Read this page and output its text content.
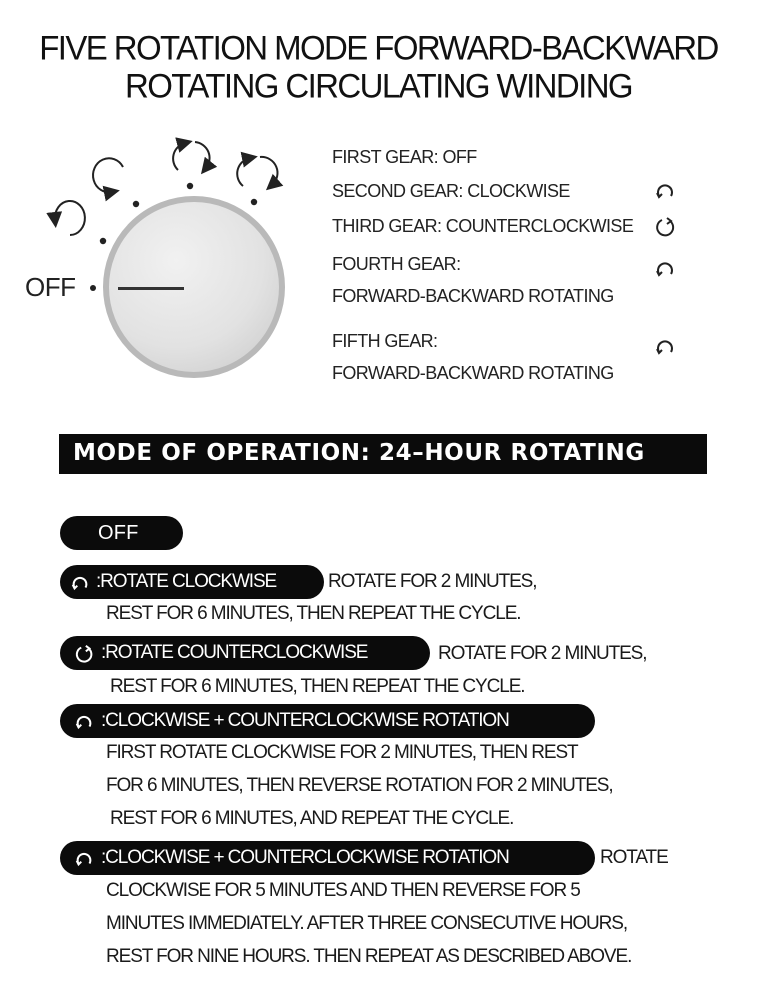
FIVE ROTATION MODE FORWARD-BACKWARD
ROTATING CIRCULATING WINDING
OFF
FIRST GEAR: OFF
SECOND GEAR: CLOCKWISE
THIRD GEAR: COUNTERCLOCKWISE
FOURTH GEAR:
FORWARD-BACKWARD ROTATING
FIFTH GEAR:
FORWARD-BACKWARD ROTATING
MODE OF OPERATION: 24–HOUR ROTATING
OFF
:ROTATE CLOCKWISE	ROTATE FOR 2 MINUTES,
REST FOR 6 MINUTES, THEN REPEAT THE CYCLE.
:ROTATE COUNTERCLOCKWISE	ROTATE FOR 2 MINUTES,
REST FOR 6 MINUTES, THEN REPEAT THE CYCLE.
:CLOCKWISE + COUNTERCLOCKWISE ROTATION
FIRST ROTATE CLOCKWISE FOR 2 MINUTES, THEN REST
FOR 6 MINUTES, THEN REVERSE ROTATION FOR 2 MINUTES,
REST FOR 6 MINUTES, AND REPEAT THE CYCLE.
:CLOCKWISE + COUNTERCLOCKWISE ROTATION	ROTATE
CLOCKWISE FOR 5 MINUTES AND THEN REVERSE FOR 5
MINUTES IMMEDIATELY. AFTER THREE CONSECUTIVE HOURS,
REST FOR NINE HOURS. THEN REPEAT AS DESCRIBED ABOVE.
